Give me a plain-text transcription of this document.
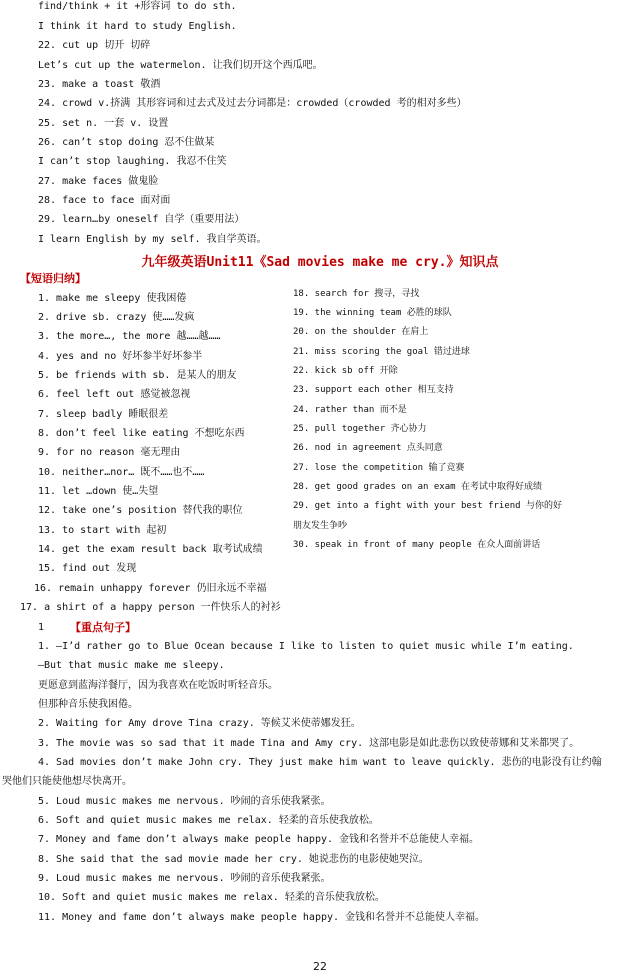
find/think + it +形容词 to do sth.
I think it hard to study English.
22. cut up 切开 切碎
Let’s cut up the watermelon. 让我们切开这个西瓜吧。
23. make a toast 敬酒
24. crowd v.挤满 其形容词和过去式及过去分词都是：crowded（crowded 考的相对多些）
25. set n. 一套 v. 设置
26. can’t stop doing 忍不住做某
I can’t stop laughing. 我忍不住笑
27. make faces 做鬼脸
28. face to face 面对面
29. learn…by oneself 自学（重要用法）
I learn English by my self. 我自学英语。
九年级英语Unit11《Sad movies make me cry.》知识点
【短语归纳】
1. make me sleepy 使我困倦
2. drive sb. crazy 使……发疯
3. the more…, the more 越……越……
4. yes and no 好坏参半好坏参半
5. be friends with sb. 是某人的朋友
6. feel left out 感觉被忽视
7. sleep badly 睡眠很差
8. don’t feel like eating 不想吃东西
9. for no reason 毫无理由
10. neither…nor… 既不……也不……
11. let …down 使…失望
12. take one’s position 替代我的职位
13. to start with 起初
14. get the exam result back 取考试成绩
15. find out 发现
16. remain unhappy forever 仍旧永远不幸福
17. a shirt of a happy person 一件快乐人的衬衫
18. search for 搜寻，寻找
19. the winning team 必胜的球队
20. on the shoulder 在肩上
21. miss scoring the goal 错过进球
22. kick sb off 开除
23. support each other 相互支持
24. rather than 而不是
25. pull together 齐心协力
26. nod in agreement 点头同意
27. lose the competition 输了竞赛
28. get good grades on an exam 在考试中取得好成绩
29. get into a fight with your best friend 与你的好
朋友发生争吵
30. speak in front of many people 在众人面前讲话
1 【重点句子】
1. —I’d rather go to Blue Ocean because I like to listen to quiet music while I’m eating.
—But that music make me sleepy.
更愿意到蓝海洋餐厅，因为我喜欢在吃饭时听轻音乐。
但那种音乐使我困倦。
2. Waiting for Amy drove Tina crazy. 等候艾米使蒂娜发狂。
3. The movie was so sad that it made Tina and Amy cry. 这部电影是如此悲伤以致使蒂娜和艾米都哭了。
4. Sad movies don’t make John cry. They just make him want to leave quickly. 悲伤的电影没有让约翰
哭他们只能使他想尽快离开。
5. Loud music makes me nervous. 吵闹的音乐使我紧张。
6. Soft and quiet music makes me relax. 轻柔的音乐使我放松。
7. Money and fame don’t always make people happy. 金钱和名誉并不总能使人幸福。
8. She said that the sad movie made her cry. 她说悲伤的电影使她哭泣。
9. Loud music makes me nervous. 吵闹的音乐使我紧张。
10. Soft and quiet music makes me relax. 轻柔的音乐使我放松。
11. Money and fame don’t always make people happy. 金钱和名誉并不总能使人幸福。
22
